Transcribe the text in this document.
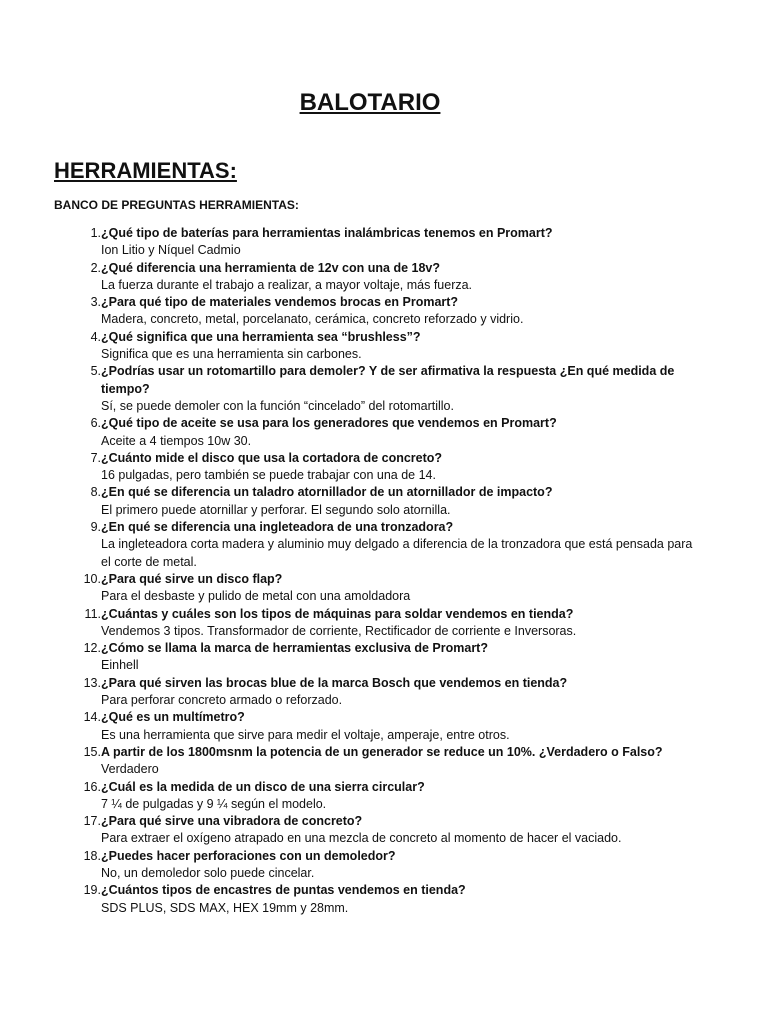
BALOTARIO
HERRAMIENTAS:

BANCO DE PREGUNTAS HERRAMIENTAS:

1. ¿Qué tipo de baterías para herramientas inalámbricas tenemos en Promart?
Ion Litio y Níquel Cadmio
2. ¿Qué diferencia una herramienta de 12v con una de 18v?
La fuerza durante el trabajo a realizar, a mayor voltaje, más fuerza.
3. ¿Para qué tipo de materiales vendemos brocas en Promart?
Madera, concreto, metal, porcelanato, cerámica, concreto reforzado y vidrio.
4. ¿Qué significa que una herramienta sea “brushless”?
Significa que es una herramienta sin carbones.
5. ¿Podrías usar un rotomartillo para demoler? Y de ser afirmativa la respuesta ¿En qué medida de tiempo?
Sí, se puede demoler con la función “cincelado” del rotomartillo.
6. ¿Qué tipo de aceite se usa para los generadores que vendemos en Promart?
Aceite a 4 tiempos 10w 30.
7. ¿Cuánto mide el disco que usa la cortadora de concreto?
16 pulgadas, pero también se puede trabajar con una de 14.
8. ¿En qué se diferencia un taladro atornillador de un atornillador de impacto?
El primero puede atornillar y perforar. El segundo solo atornilla.
9. ¿En qué se diferencia una ingleteadora de una tronzadora?
La ingleteadora corta madera y aluminio muy delgado a diferencia de la tronzadora que está pensada para el corte de metal.
10. ¿Para qué sirve un disco flap?
Para el desbaste y pulido de metal con una amoldadora
11. ¿Cuántas y cuáles son los tipos de máquinas para soldar vendemos en tienda?
Vendemos 3 tipos. Transformador de corriente, Rectificador de corriente e Inversoras.
12. ¿Cómo se llama la marca de herramientas exclusiva de Promart?
Einhell
13. ¿Para qué sirven las brocas blue de la marca Bosch que vendemos en tienda?
Para perforar concreto armado o reforzado.
14. ¿Qué es un multímetro?
Es una herramienta que sirve para medir el voltaje, amperaje, entre otros.
15. A partir de los 1800msnm la potencia de un generador se reduce un 10%. ¿Verdadero o Falso?
Verdadero
16. ¿Cuál es la medida de un disco de una sierra circular?
7 ¼ de pulgadas y 9 ¼ según el modelo.
17. ¿Para qué sirve una vibradora de concreto?
Para extraer el oxígeno atrapado en una mezcla de concreto al momento de hacer el vaciado.
18. ¿Puedes hacer perforaciones con un demoledor?
No, un demoledor solo puede cincelar.
19. ¿Cuántos tipos de encastres de puntas vendemos en tienda?
SDS PLUS, SDS MAX, HEX 19mm y 28mm.
